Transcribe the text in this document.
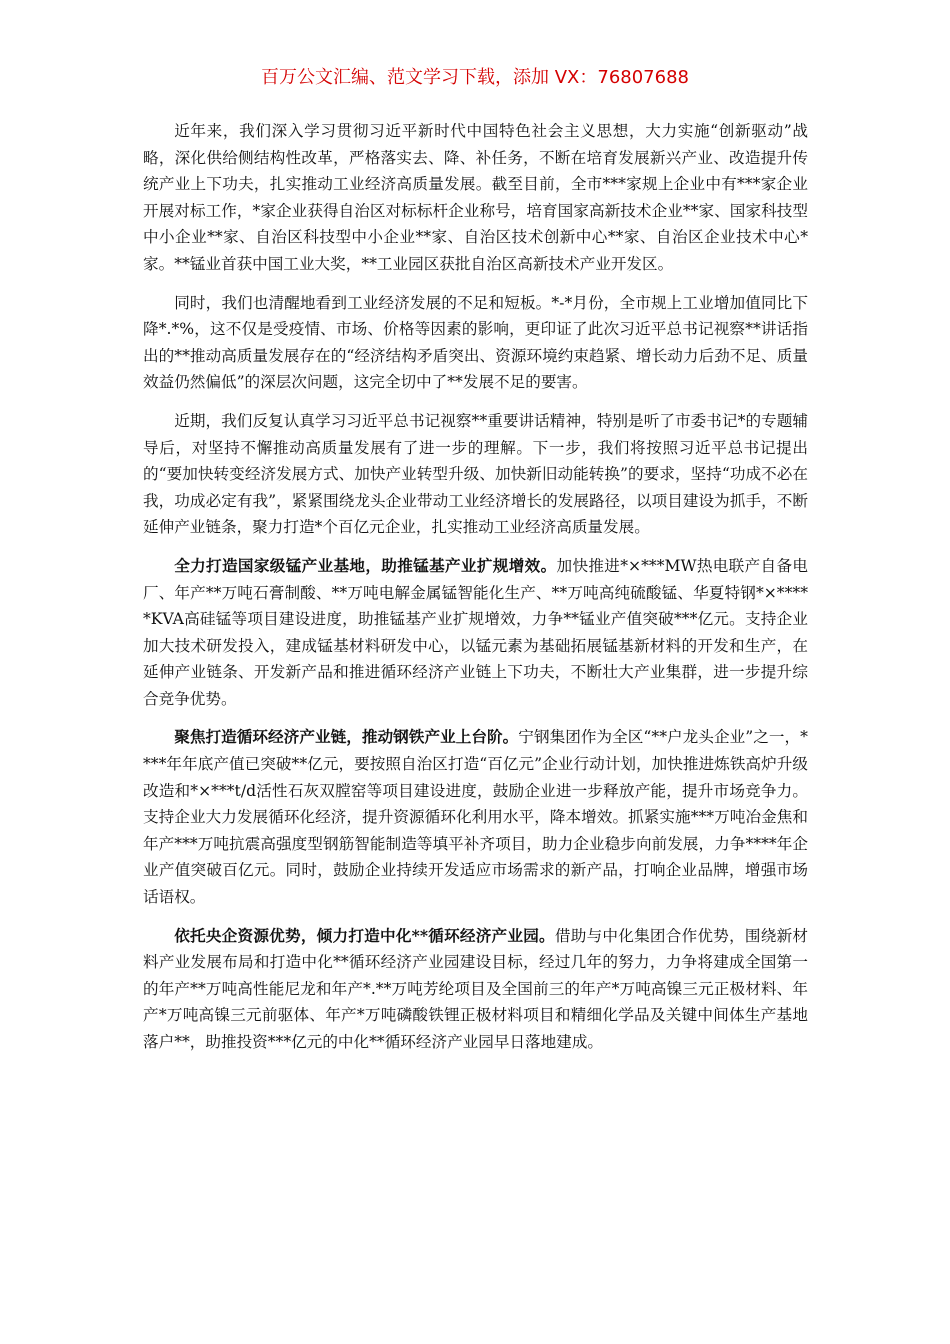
百万公文汇编、范文学习下载，添加 VX：76807688

近年来，我们深入学习贯彻习近平新时代中国特色社会主义思想，大力实施“创新驱动”战略，深化供给侧结构性改革，严格落实去、降、补任务，不断在培育发展新兴产业、改造提升传统产业上下功夫，扎实推动工业经济高质量发展。截至目前，全市***家规上企业中有***家企业开展对标工作，*家企业获得自治区对标标杆企业称号，培育国家高新技术企业**家、国家科技型中小企业**家、自治区科技型中小企业**家、自治区技术创新中心**家、自治区企业技术中心*家。**锰业首获中国工业大奖，**工业园区获批自治区高新技术产业开发区。

同时，我们也清醒地看到工业经济发展的不足和短板。*-*月份，全市规上工业增加值同比下降*.*%，这不仅是受疫情、市场、价格等因素的影响，更印证了此次习近平总书记视察**讲话指出的**推动高质量发展存在的“经济结构矛盾突出、资源环境约束趋紧、增长动力后劲不足、质量效益仍然偏低”的深层次问题，这完全切中了**发展不足的要害。

近期，我们反复认真学习习近平总书记视察**重要讲话精神，特别是听了市委书记*的专题辅导后，对坚持不懈推动高质量发展有了进一步的理解。下一步，我们将按照习近平总书记提出的“要加快转变经济发展方式、加快产业转型升级、加快新旧动能转换”的要求，坚持“功成不必在我，功成必定有我”，紧紧围绕龙头企业带动工业经济增长的发展路径，以项目建设为抓手，不断延伸产业链条，聚力打造*个百亿元企业，扎实推动工业经济高质量发展。

全力打造国家级锰产业基地，助推锰基产业扩规增效。加快推进*×***MW热电联产自备电厂、年产**万吨石膏制酸、**万吨电解金属锰智能化生产、**万吨高纯硫酸锰、华夏特钢*×*****KVA高硅锰等项目建设进度，助推锰基产业扩规增效，力争**锰业产值突破***亿元。支持企业加大技术研发投入，建成锰基材料研发中心，以锰元素为基础拓展锰基新材料的开发和生产，在延伸产业链条、开发新产品和推进循环经济产业链上下功夫，不断壮大产业集群，进一步提升综合竞争优势。

聚焦打造循环经济产业链，推动钢铁产业上台阶。宁钢集团作为全区“**户龙头企业”之一，****年年底产值已突破**亿元，要按照自治区打造“百亿元”企业行动计划，加快推进炼铁高炉升级改造和*×***t/d活性石灰双膛窑等项目建设进度，鼓励企业进一步释放产能，提升市场竞争力。支持企业大力发展循环化经济，提升资源循环化利用水平，降本增效。抓紧实施***万吨冶金焦和年产***万吨抗震高强度型钢筋智能制造等填平补齐项目，助力企业稳步向前发展，力争****年企业产值突破百亿元。同时，鼓励企业持续开发适应市场需求的新产品，打响企业品牌，增强市场话语权。

依托央企资源优势，倾力打造中化**循环经济产业园。借助与中化集团合作优势，围绕新材料产业发展布局和打造中化**循环经济产业园建设目标，经过几年的努力，力争将建成全国第一的年产**万吨高性能尼龙和年产*.**万吨芳纶项目及全国前三的年产*万吨高镍三元正极材料、年产*万吨高镍三元前驱体、年产*万吨磷酸铁锂正极材料项目和精细化学品及关键中间体生产基地落户**，助推投资***亿元的中化**循环经济产业园早日落地建成。
